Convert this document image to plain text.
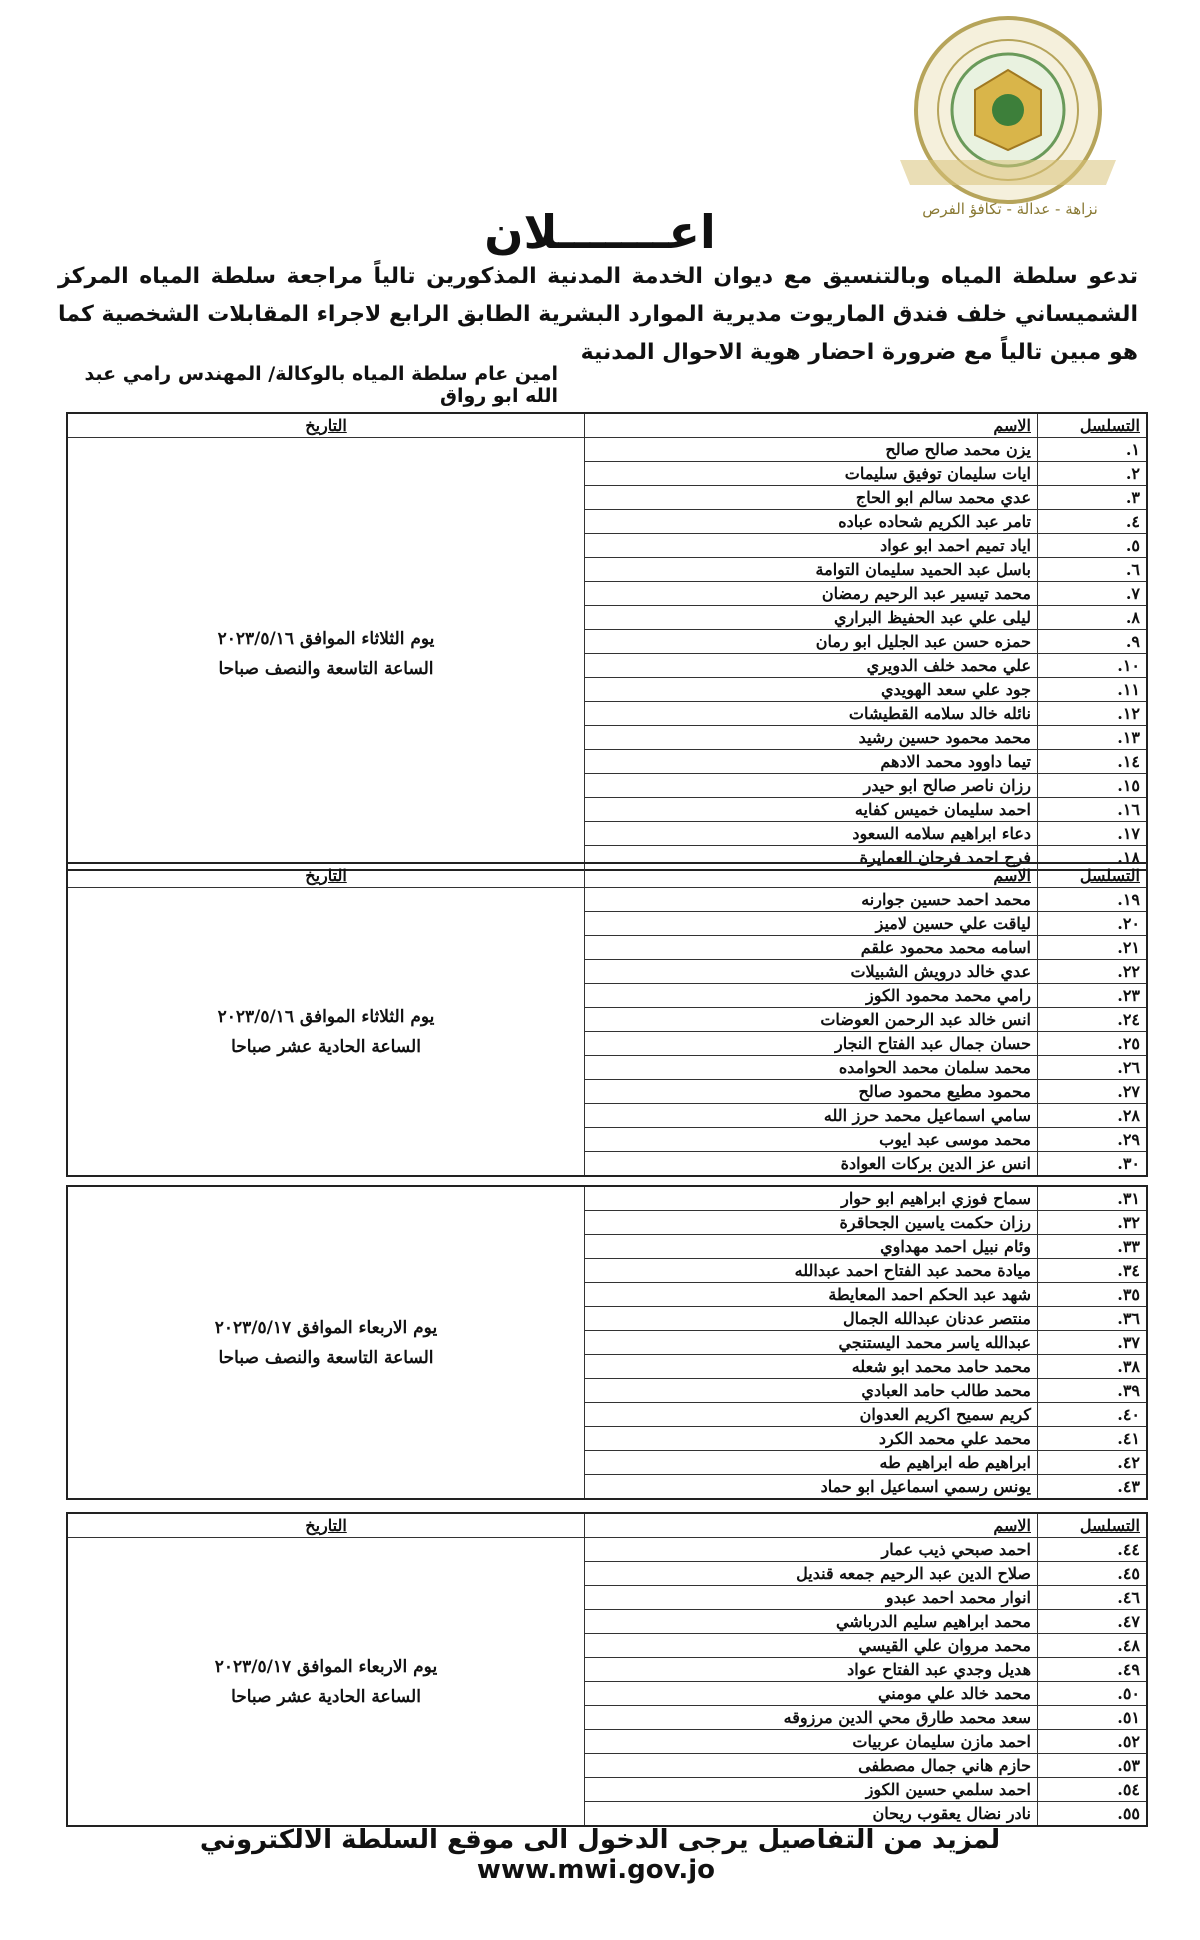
نزاهة - عدالة - تكافؤ الفرص
اعـــــــلان
تدعو سلطة المياه وبالتنسيق مع ديوان الخدمة المدنية المذكورين تالياً مراجعة سلطة المياه المركز الشميساني خلف فندق الماريوت مديرية الموارد البشرية الطابق الرابع لاجراء المقابلات الشخصية كما هو مبين تالياً مع ضرورة احضار هوية الاحوال المدنية
امين عام سلطة المياه بالوكالة/ المهندس رامي عبد الله ابو رواق
التسلسل	الاسم	التاريخ
١.	يزن محمد صالح صالح	يوم الثلاثاء الموافق ٢٠٢٣/٥/١٦
الساعة التاسعة والنصف صباحا

٢.	ايات سليمان توفيق سليمات	
٣.	عدي محمد سالم ابو الحاج	
٤.	تامر عبد الكريم شحاده عباده	
٥.	اياد تميم احمد ابو عواد	
٦.	باسل عبد الحميد سليمان التوامة	
٧.	محمد تيسير عبد الرحيم رمضان	
٨.	ليلى علي عبد الحفيظ البراري	
٩.	حمزه حسن عبد الجليل ابو رمان	
١٠.	علي محمد خلف الدويري	
١١.	جود علي سعد الهويدي	
١٢.	نائله خالد سلامه القطيشات	
١٣.	محمد محمود حسين رشيد	
١٤.	تيما داوود محمد الادهم	
١٥.	رزان ناصر صالح ابو حيدر	
١٦.	احمد سليمان خميس كفايه	
١٧.	دعاء ابراهيم سلامه السعود	
١٨.	فرح احمد فرحان العمايرة	
التسلسل	الاسم	التاريخ
١٩.	محمد احمد حسين جوارنه	يوم الثلاثاء الموافق ٢٠٢٣/٥/١٦
الساعة الحادية عشر صباحا

٢٠.	لياقت علي حسين لاميز	
٢١.	اسامه محمد محمود علقم	
٢٢.	عدي خالد درويش الشبيلات	
٢٣.	رامي محمد محمود الكوز	
٢٤.	انس خالد عبد الرحمن العوضات	
٢٥.	حسان جمال عبد الفتاح النجار	
٢٦.	محمد سلمان محمد الحوامده	
٢٧.	محمود مطيع محمود صالح	
٢٨.	سامي اسماعيل محمد حرز الله	
٢٩.	محمد موسى عبد ايوب	
٣٠.	انس عز الدين بركات العوادة	
٣١.	سماح فوزي ابراهيم ابو حوار	يوم الاربعاء الموافق ٢٠٢٣/٥/١٧
الساعة التاسعة والنصف صباحا

٣٢.	رزان حكمت ياسين الجحاقرة	
٣٣.	وئام نبيل احمد مهداوي	
٣٤.	ميادة محمد عبد الفتاح احمد عبدالله	
٣٥.	شهد عبد الحكم احمد المعايطة	
٣٦.	منتصر عدنان عبدالله الجمال	
٣٧.	عبدالله ياسر محمد اليستنجي	
٣٨.	محمد حامد محمد ابو شعله	
٣٩.	محمد طالب حامد العبادي	
٤٠.	كريم سميح اكريم العدوان	
٤١.	محمد علي محمد الكرد	
٤٢.	ابراهيم طه ابراهيم طه	
٤٣.	يونس رسمي اسماعيل ابو حماد	
التسلسل	الاسم	التاريخ
٤٤.	احمد صبحي ذيب عمار	يوم الاربعاء الموافق ٢٠٢٣/٥/١٧
الساعة الحادية عشر صباحا

٤٥.	صلاح الدين عبد الرحيم جمعه قنديل	
٤٦.	انوار محمد احمد عبدو	
٤٧.	محمد ابراهيم سليم الدرباشي	
٤٨.	محمد مروان علي القيسي	
٤٩.	هديل وجدي عبد الفتاح عواد	
٥٠.	محمد خالد علي مومني	
٥١.	سعد محمد طارق محي الدين مرزوقه	
٥٢.	احمد مازن سليمان عربيات	
٥٣.	حازم هاني جمال مصطفى	
٥٤.	احمد سلمي حسين الكوز	
٥٥.	نادر نضال يعقوب ريحان	
لمزيد من التفاصيل يرجى الدخول الى موقع السلطة الالكتروني www.mwi.gov.jo
